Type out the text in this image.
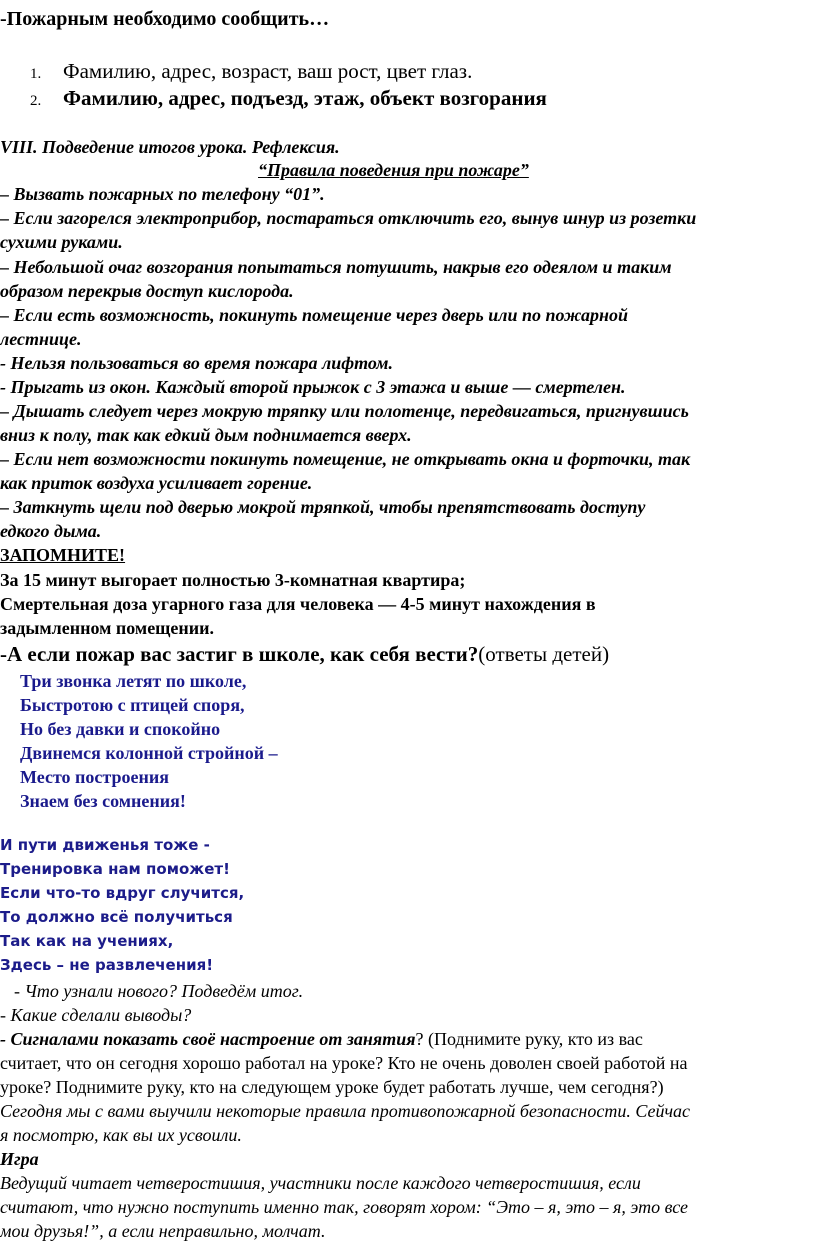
-Пожарным необходимо сообщить…
1. Фамилию, адрес, возраст, ваш рост, цвет глаз.
2. Фамилию, адрес, подъезд, этаж, объект возгорания
VIII. Подведение итогов урока. Рефлексия.
“Правила поведения при пожаре”
– Вызвать пожарных по телефону “01”.
– Если загорелся электроприбор, постараться отключить его, вынув шнур из розетки
сухими руками.
– Небольшой очаг возгорания попытаться потушить, накрыв его одеялом и таким
образом перекрыв доступ кислорода.
– Если есть возможность, покинуть помещение через дверь или по пожарной
лестнице.
- Нельзя пользоваться во время пожара лифтом.
- Прыгать из окон. Каждый второй прыжок с 3 этажа и выше — смертелен.
– Дышать следует через мокрую тряпку или полотенце, передвигаться, пригнувшись
вниз к полу, так как едкий дым поднимается вверх.
– Если нет возможности покинуть помещение, не открывать окна и форточки, так
как приток воздуха усиливает горение.
– Заткнуть щели под дверью мокрой тряпкой, чтобы препятствовать доступу
едкого дыма.
ЗАПОМНИТЕ!
За 15 минут выгорает полностью 3-комнатная квартира;
Смертельная доза угарного газа для человека — 4-5 минут нахождения в
задымленном помещении.
-А если пожар вас застиг в школе, как себя вести?(ответы детей)
Три звонка летят по школе,
Быстротою с птицей споря,
Но без давки и спокойно
Двинемся колонной стройной –
Место построения
Знаем без сомнения!
И пути движенья тоже -
Тренировка нам поможет!
Если что-то вдруг случится,
То должно всё получиться
Так как на учениях,
Здесь – не развлечения!
- Что узнали нового? Подведём итог.
- Какие сделали выводы?
- Сигналами показать своё настроение от занятия? (Поднимите руку, кто из вас
считает, что он сегодня хорошо работал на уроке? Кто не очень доволен своей работой на
уроке? Поднимите руку, кто на следующем уроке будет работать лучше, чем сегодня?)
Сегодня мы с вами выучили некоторые правила противопожарной безопасности. Сейчас
я посмотрю, как вы их усвоили.
Игра
Ведущий читает четверостишия, участники после каждого четверостишия, если
считают, что нужно поступить именно так, говорят хором: “Это – я, это – я, это все
мои друзья!”, а если неправильно, молчат.
